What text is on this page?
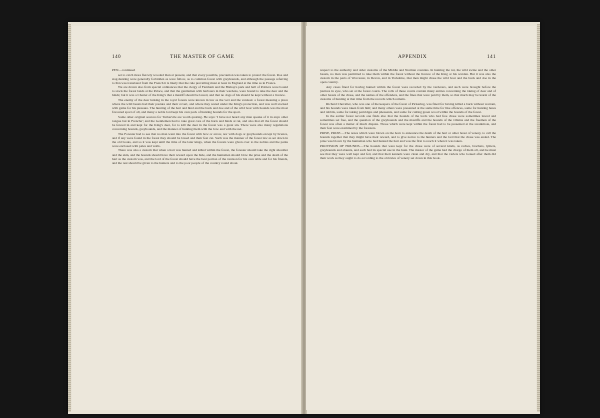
140	THE MASTER OF GAME

PEN—continued

set to catch more fiercely wooded than at present, and that every possible, precaution was taken to protect the forest. Roe and stag-hunting were generally forbidden as were fallow, as to common forest with greyhounds, and although the passage referring to Pen was translated from the French it is likely that the rule prevailing must at least in England at the time as in France.

We are drawn also from special ordinances that the clergy of Farnham and the Bishop's park and hall of Poitiers were bound to stock the forest lands at the Palace, and that the gentlemen with harbours in their wardens, were bound to take the deer and the hinds; but it was a Charter of the King's that a mastiff should be lawed, and that no dogs of his should be kept without a licence.

The enemy of the deer lurking in the royal forests were known in law as the vert and the venison: a forest meaning a place where the wild beasts had their pasture and their covert, and where they rested under the King's protection, and was well stocked with game for his pleasure. The hunting of the hart and hind and the buck and doe and of the wild boar with hounds was the most favoured sport of all, and many a noble lord kept his own pack of hunting hounds for the sport.

Some other original sources for Turbervile are worth quoting. He says: 'I have not heard any man speake of it in anye other tongue but in Frenche'; and the Gentlemen had to take great care of the harts and hinds at rut, and also that all the forest should be fenced in and kept for the King's deer, for to kill the deer in the forest was a great sin. There were also many regulations concerning hounds, greyhounds, and the manner of hunting them with the bow and with the net.

The Forester had to see that no man went into the forest with bow or arrow, nor with dogs or greyhounds except by licence, and if any were found in the forest they should be lawed and their feet cut. Such was the manner of the forest law as set down in the old books, and so it was kept until the time of the later kings, when the forests were given over to the nobles and the parks were enclosed with pales and walls.

There was also a custom that when a hart was hunted and killed within the forest, the forester should take the right shoulder and the skin, and the hounds should have their reward upon the hide, and the huntsmen should blow the prise and the death of the hart as the custom was, and the lord of the forest should have the best portion of the venison for his own table and for his friends, and the rest should be given to the hunters and to the poor people of the country round about.

APPENDIX	141

respect to the authority and older customs of the Middle and Norman counties. In hunting the rut, the wild swine and the other beasts, no man was permitted to take them within the forest without the licence of the King or his warden. But it was also the custom in the parts of Worcester, in Devon, and in Yorkshire, that men might chase the wild boar and the buck and doe in the open country.

Any cases fined for having hunted within the forest were recorded by the verderers, and such were brought before the justices in eyre, who sat at the forest courts. The rolls of these courts contain many entries concerning the taking of deer and of other beasts of the chase, and the names of the offenders, and the fines that were paid by them, so that much may be learnt of the customs of hunting at that time from the records which remain.

Richard Chevalier, who was one of the keepers of the forest of Pickering, was fined for having killed a buck without warrant, and his hounds were taken from him; and many others were presented at the same time for like offences, some for hunting hares and rabbits, some for taking partridges and pheasants, and some for cutting green wood within the bounds of the forest.

In the earlier forest records one finds also that the hounds of the lords who had free chase were sometimes lawed and sometimes set free, and the question of the greyhounds and the mastiffs and the hounds of the villeins and the freemen of the forest was often a matter of much dispute. Those which were kept within the forest had to be presented at the swanimote, and their feet were examined by the foresters.

PRISE, PRIZE.—The notes which were blown on the horn to announce the death of the hart or other beast of venery, to call the hounds together that they might have their reward, and to give notice to the hunters and the lord that the chase was ended. The prise was blown by the huntsman who had hunted the hart and was the first to reach it when it was taken.

PROVISION OF HOUNDS.—The hounds that were kept for the chase were of several kinds, as raches, brachets, lymers, greyhounds and alaunts, and each had its special use in the hunt. The master of the game had the charge of them all, and he must see that they were well kept and fed, and that their kennels were clean and dry, and that the varlets who looked after them did their work as they ought to do according to the old rules of venery set down in this book.
